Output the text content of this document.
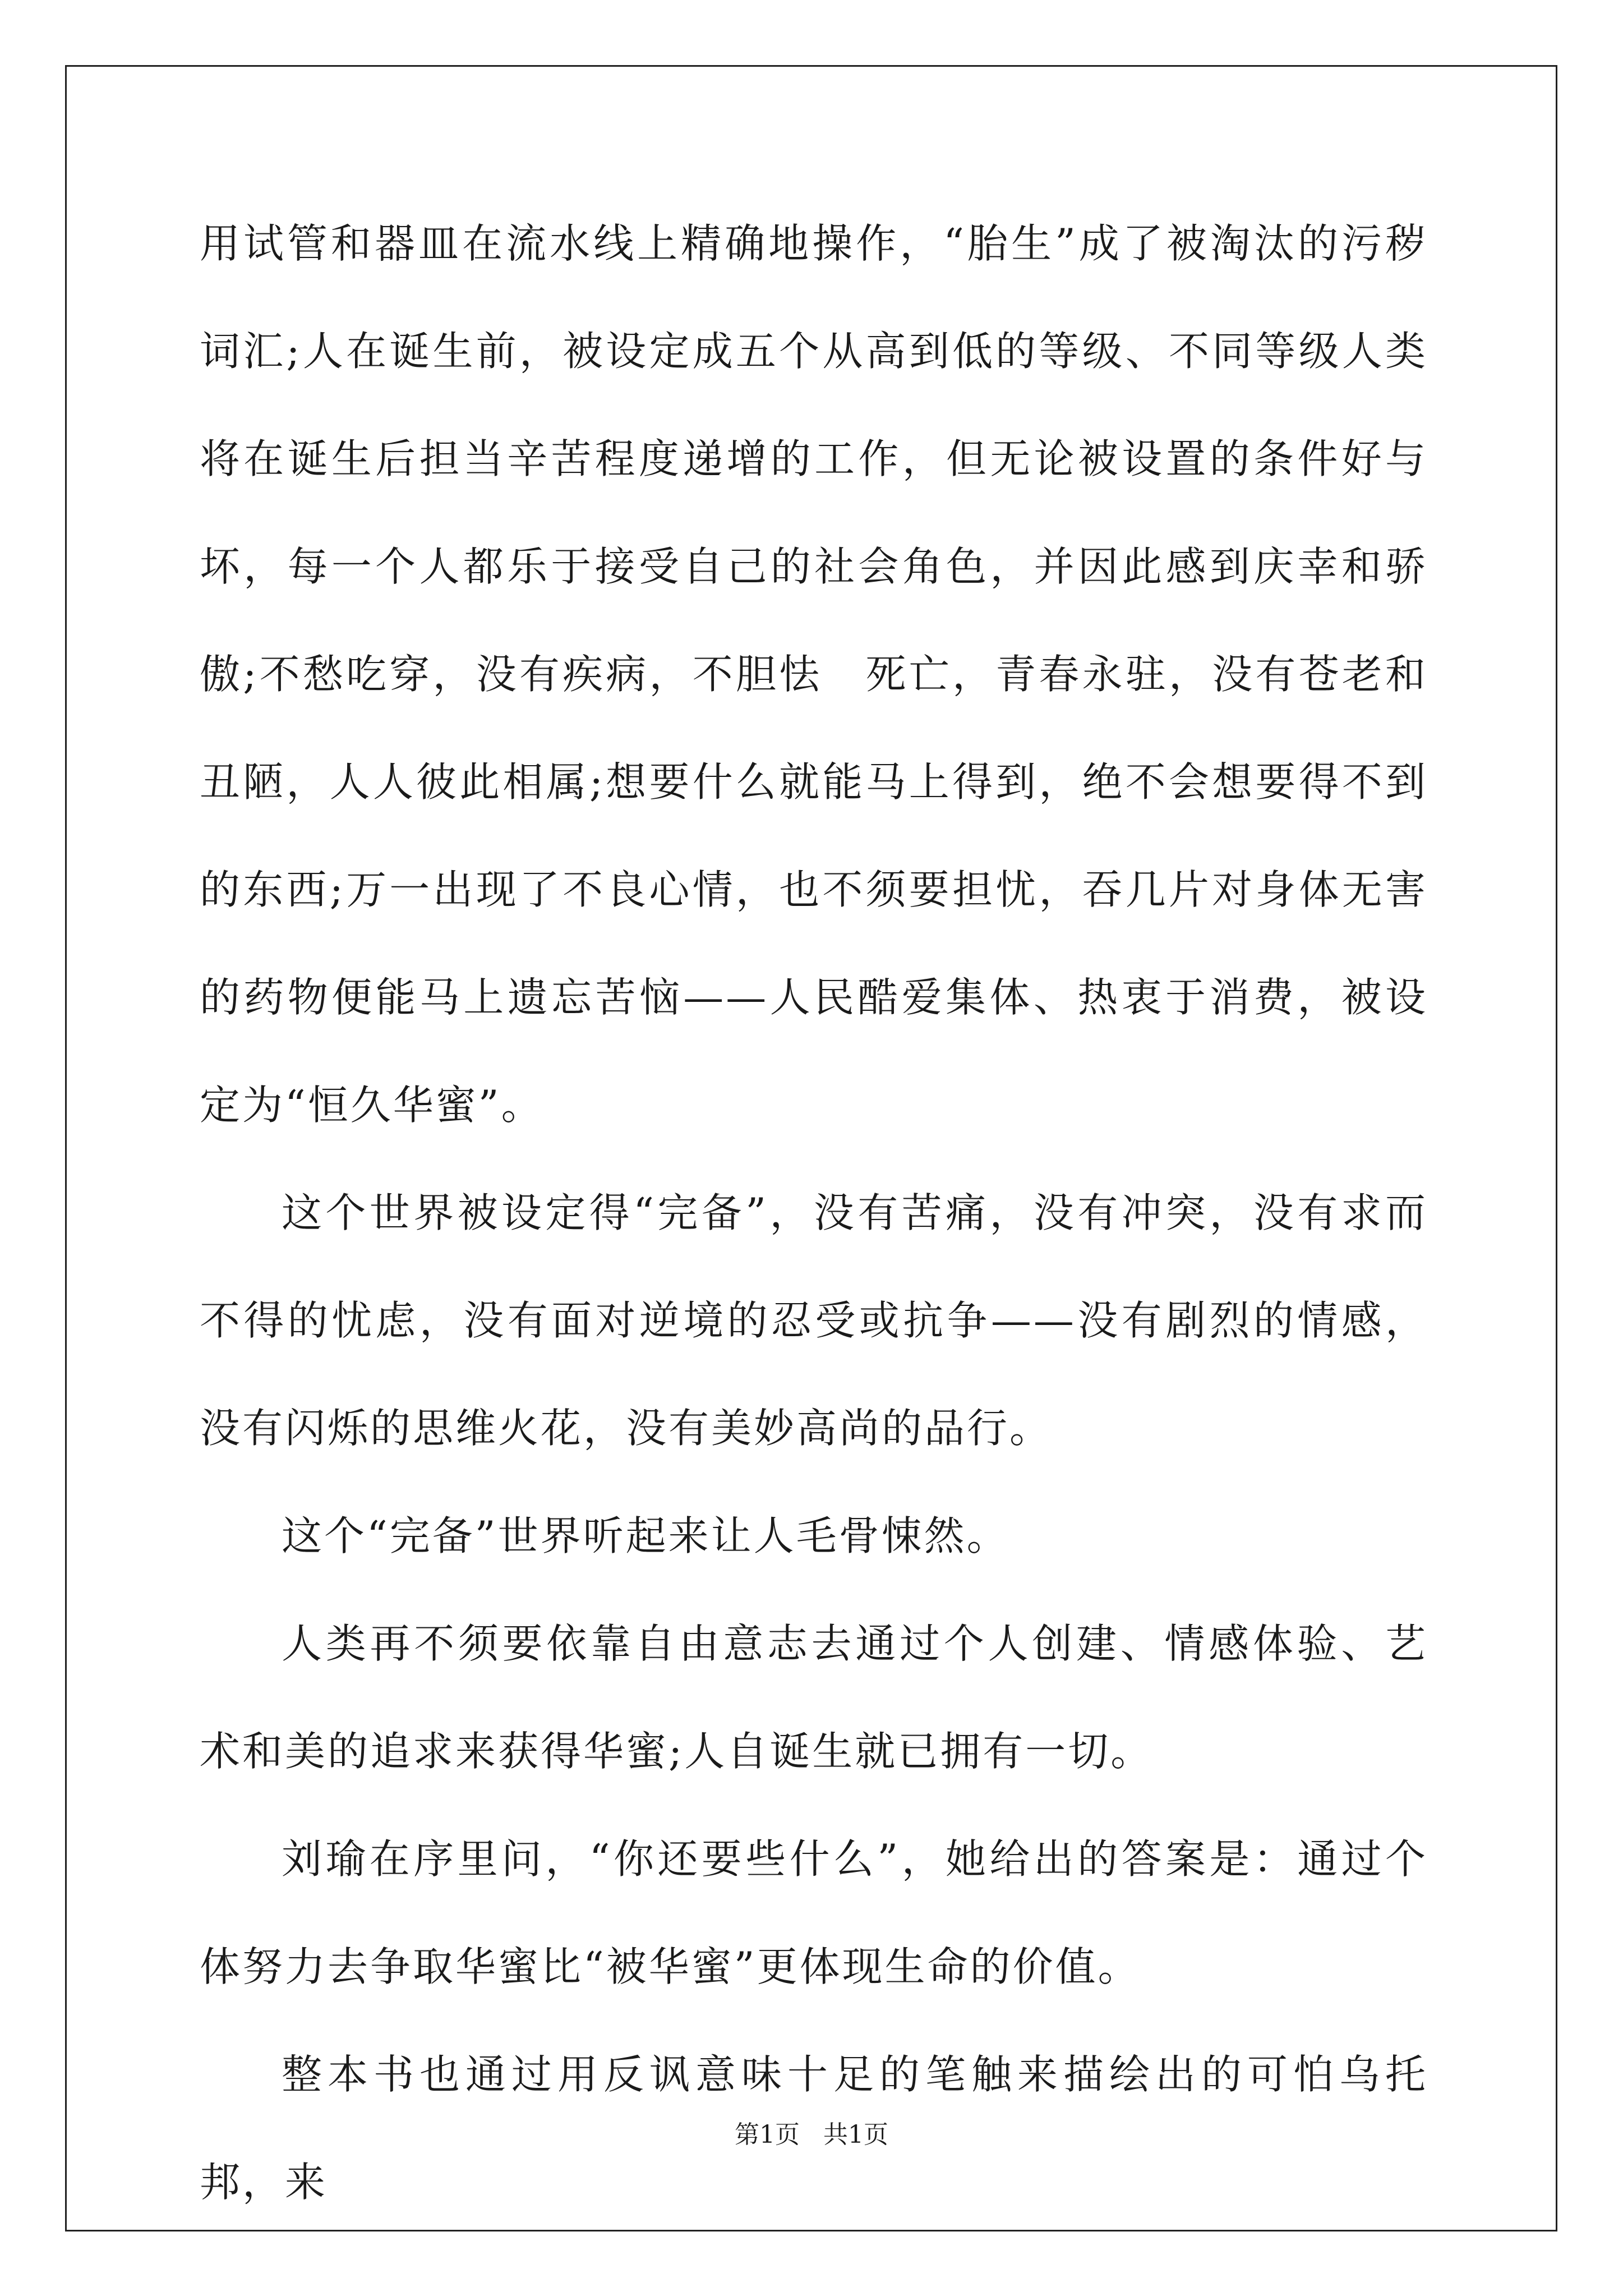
用试管和器皿在流水线上精确地操作，“胎生”成了被淘汰的污秽词汇;人在诞生前，被设定成五个从高到低的等级、不同等级人类将在诞生后担当辛苦程度递增的工作，但无论被设置的条件好与坏，每一个人都乐于接受自己的社会角色，并因此感到庆幸和骄傲;不愁吃穿，没有疾病，不胆怯　死亡，青春永驻，没有苍老和丑陋，人人彼此相属;想要什么就能马上得到，绝不会想要得不到的东西;万一出现了不良心情，也不须要担忧，吞几片对身体无害的药物便能马上遗忘苦恼——人民酷爱集体、热衷于消费，被设定为“恒久华蜜”。

这个世界被设定得“完备”，没有苦痛，没有冲突，没有求而不得的忧虑，没有面对逆境的忍受或抗争——没有剧烈的情感，没有闪烁的思维火花，没有美妙高尚的品行。

这个“完备”世界听起来让人毛骨悚然。

人类再不须要依靠自由意志去通过个人创建、情感体验、艺术和美的追求来获得华蜜;人自诞生就已拥有一切。

刘瑜在序里问，“你还要些什么”，她给出的答案是：通过个体努力去争取华蜜比“被华蜜”更体现生命的价值。

整本书也通过用反讽意味十足的笔触来描绘出的可怕乌托邦，来

第1页 共1页
